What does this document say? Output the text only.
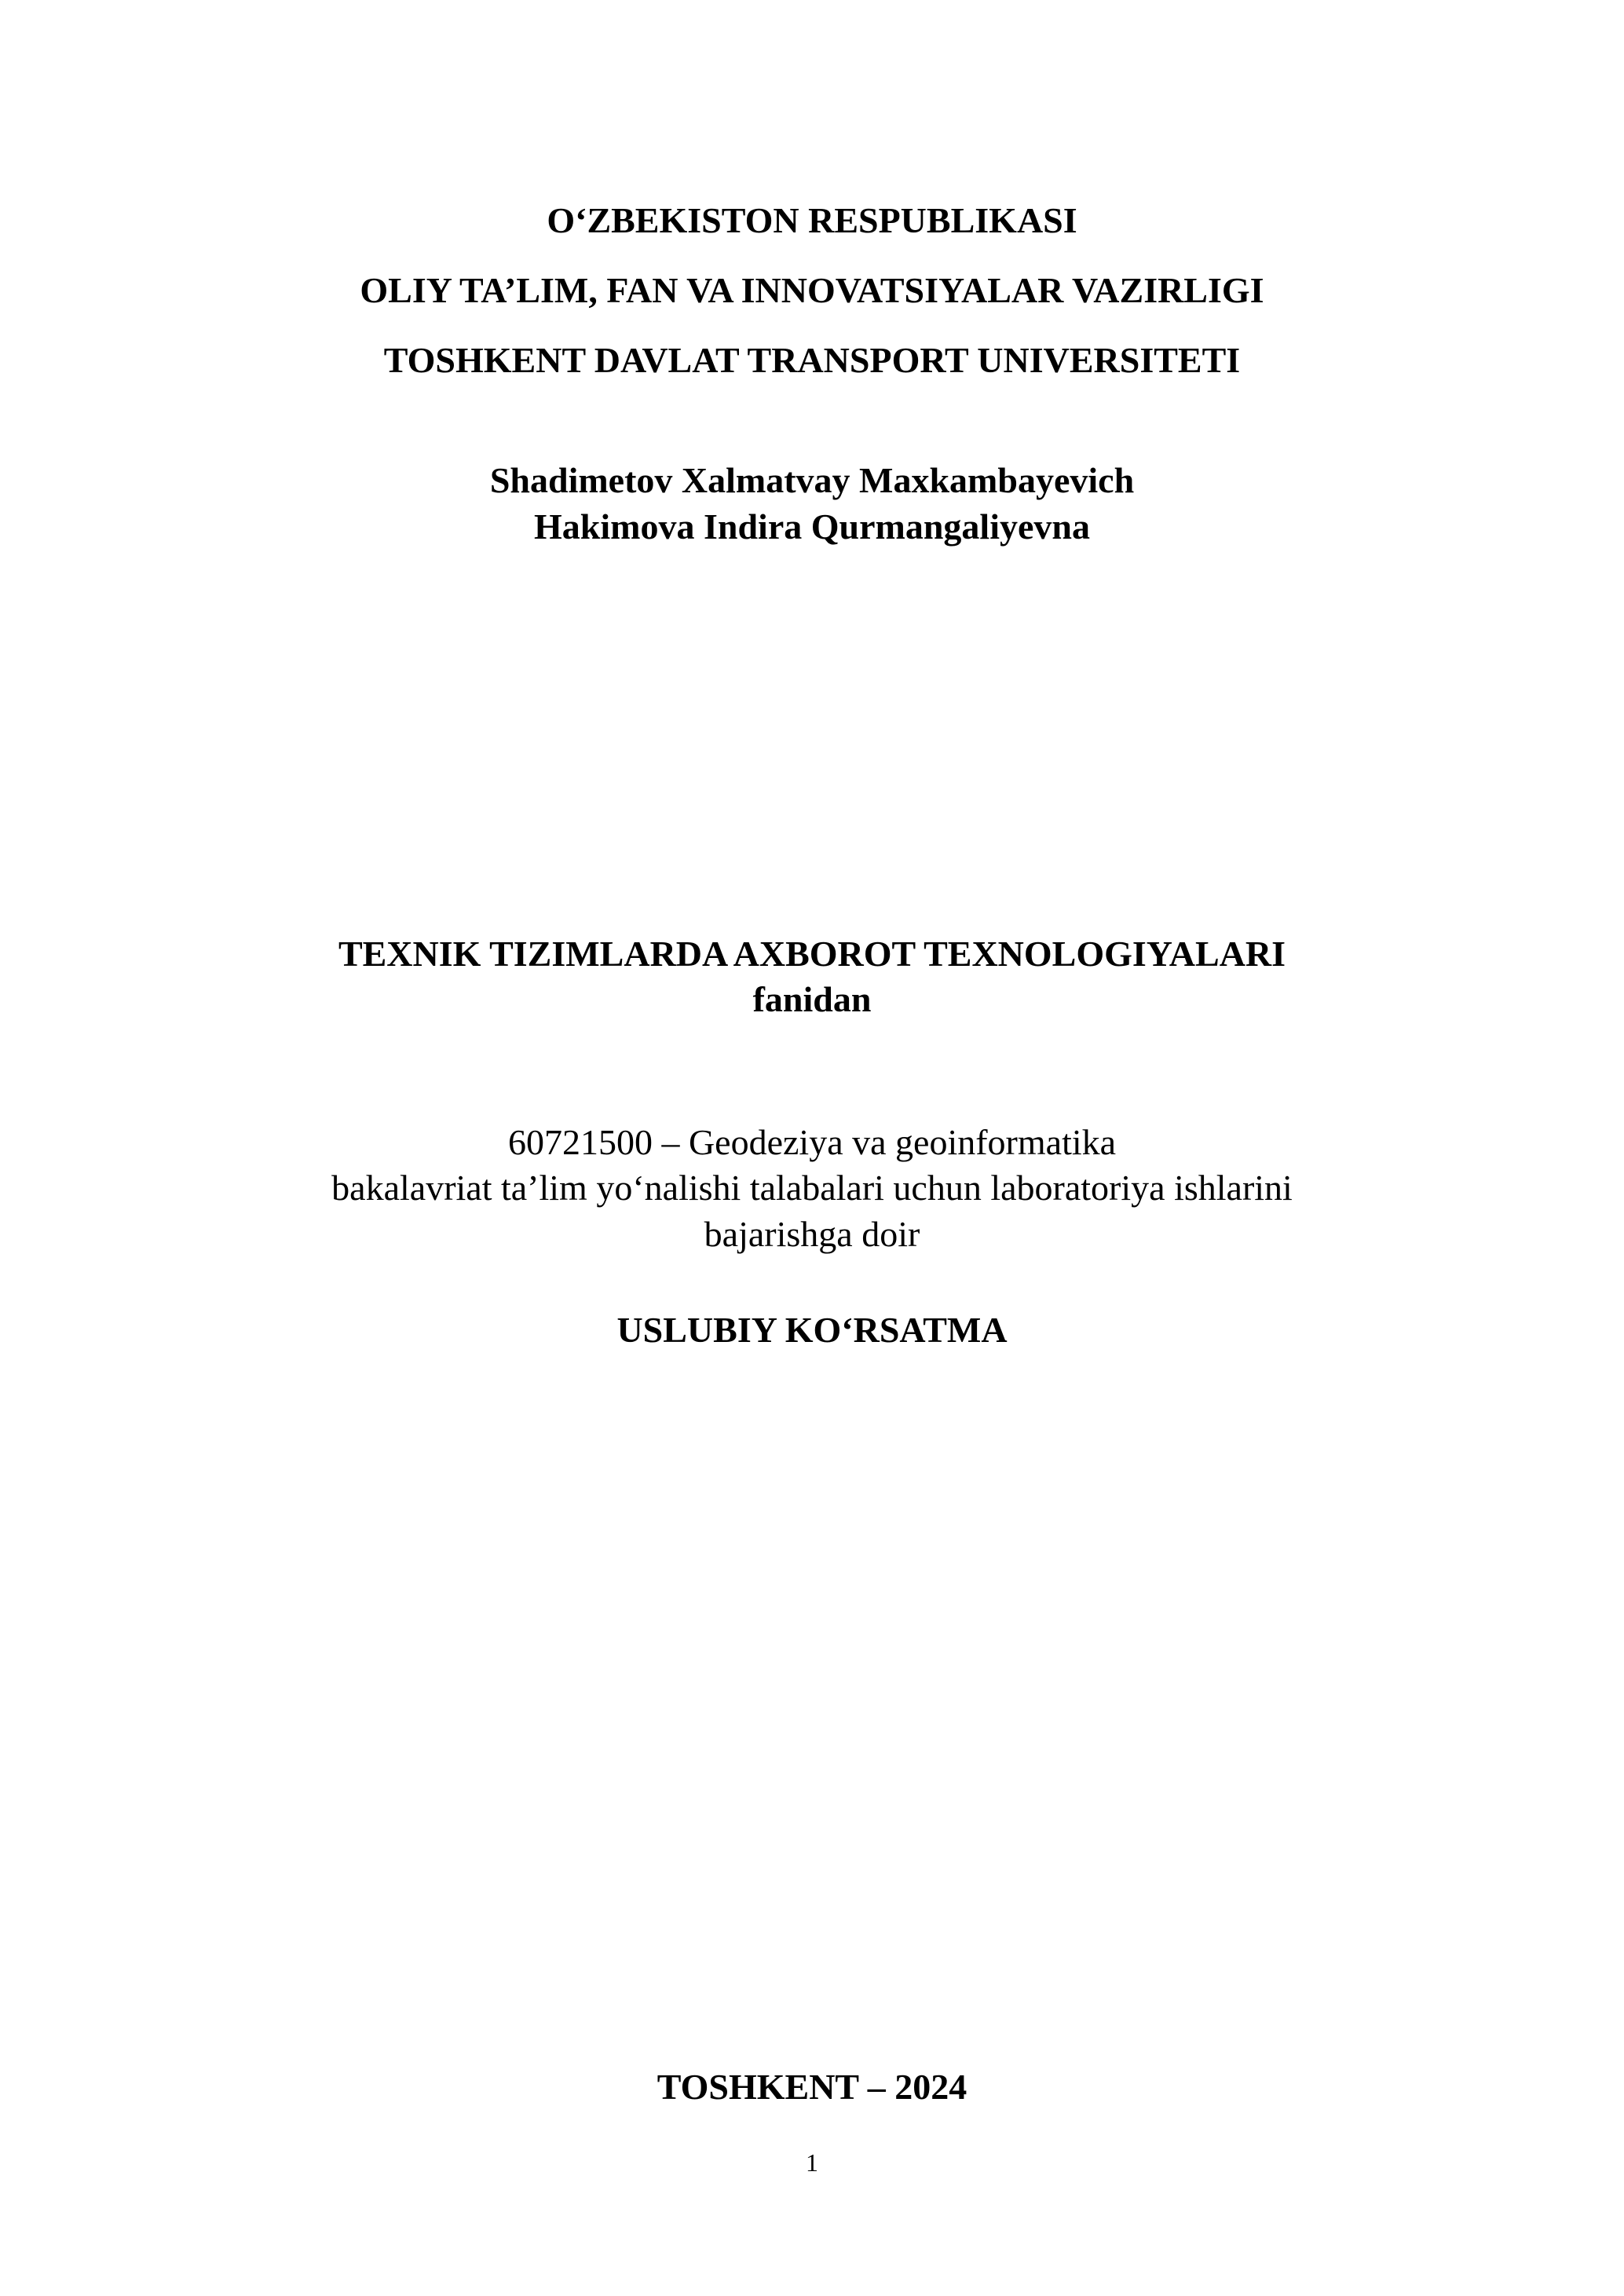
O‘ZBEKISTON RESPUBLIKASI
OLIY TA’LIM, FAN VA INNOVATSIYALAR VAZIRLIGI
TOSHKENT DAVLAT TRANSPORT UNIVERSITETI
Shadimetov Xalmatvay Maxkambayevich
Hakimova Indira Qurmangaliyevna
TEXNIK TIZIMLARDA AXBOROT TEXNOLOGIYALARI
fanidan
60721500 – Geodeziya va geoinformatika
bakalavriat ta’lim yo‘nalishi talabalari uchun laboratoriya ishlarini
bajarishga doir
USLUBIY KO‘RSATMA
TOSHKENT – 2024
1
